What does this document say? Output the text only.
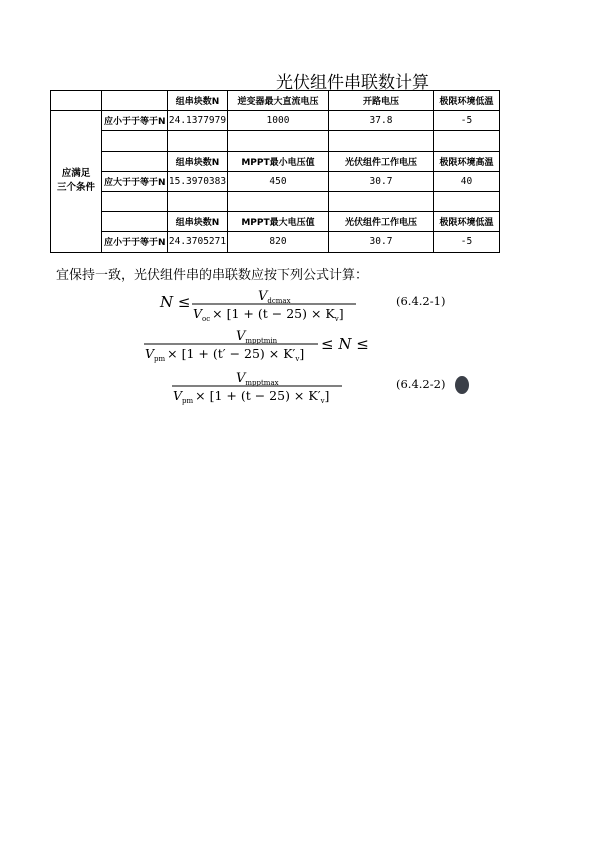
光伏组件串联数计算
		组串块数N	逆变器最大直流电压	开路电压	极限环境低温
应满足
三个条件	应小于于等于N	24.1377979	1000	37.8	-5

		组串块数N	MPPT最小电压值	光伏组件工作电压	极限环境高温
	应大于于等于N	15.3970383	450	30.7	40

		组串块数N	MPPT最大电压值	光伏组件工作电压	极限环境低温
	应小于于等于N	24.3705271	820	30.7	-5
宜保持一致，光伏组件串的串联数应按下列公式计算：
N ≤	$V_{dcmax}$
$V_{oc} \times [1 + (t - 25) \times K_v]$
$V_{mpptmin}$
$V_{pm} \times [1 + (t' - 25) \times K'_v]$
≤ N ≤
$V_{mpptmax}$
$V_{pm} \times [1 + (t - 25) \times K'_v]$
(6.4.2-1)
(6.4.2-2)
